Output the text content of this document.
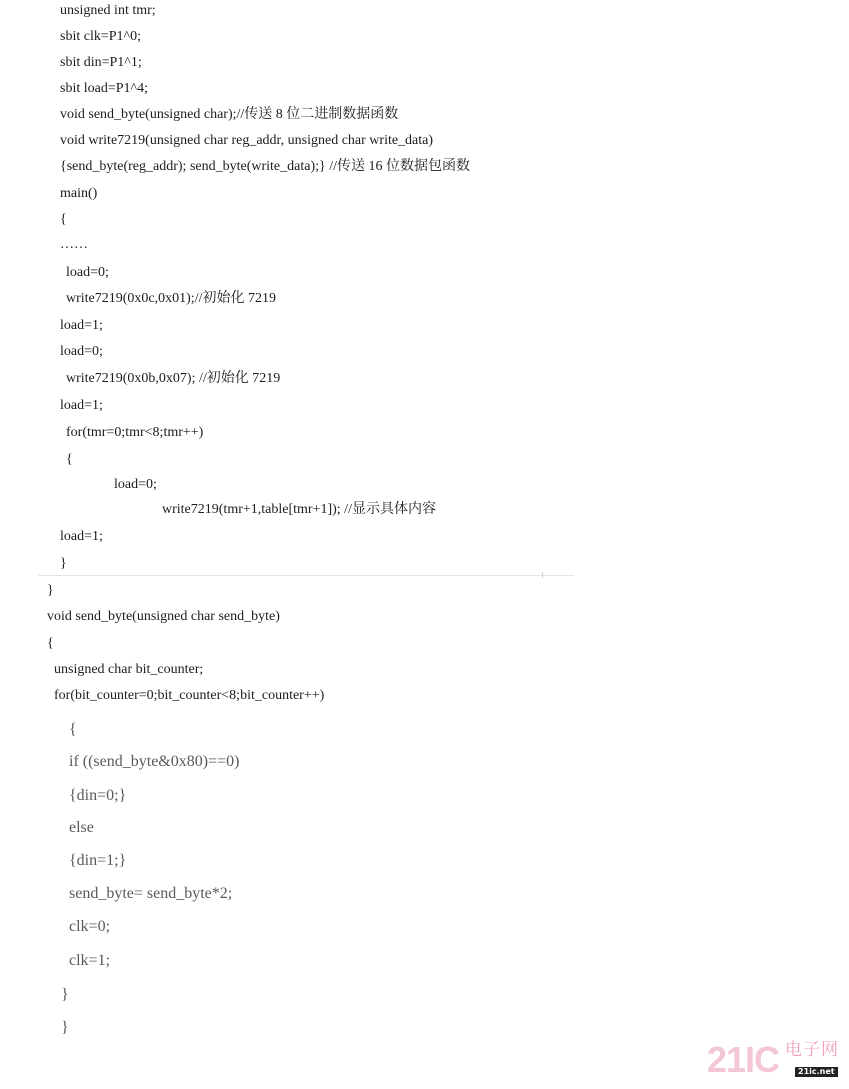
unsigned int tmr;
sbit clk=P1^0;
sbit din=P1^1;
sbit load=P1^4;
void send_byte(unsigned char);//传送 8 位二进制数据函数
void write7219(unsigned char reg_addr, unsigned char write_data)
{send_byte(reg_addr); send_byte(write_data);} //传送 16 位数据包函数
main()
{
……
load=0;
write7219(0x0c,0x01);//初始化 7219
load=1;
load=0;
write7219(0x0b,0x07); //初始化 7219
load=1;
for(tmr=0;tmr<8;tmr++)
{
load=0;
write7219(tmr+1,table[tmr+1]); //显示具体内容
load=1;
}
}
void send_byte(unsigned char send_byte)
{
unsigned char bit_counter;
for(bit_counter=0;bit_counter<8;bit_counter++)
{
if ((send_byte&0x80)==0)
{din=0;}
else
{din=1;}
send_byte= send_byte*2;
clk=0;
clk=1;
}
}
21IC 电子网
21ic.net
